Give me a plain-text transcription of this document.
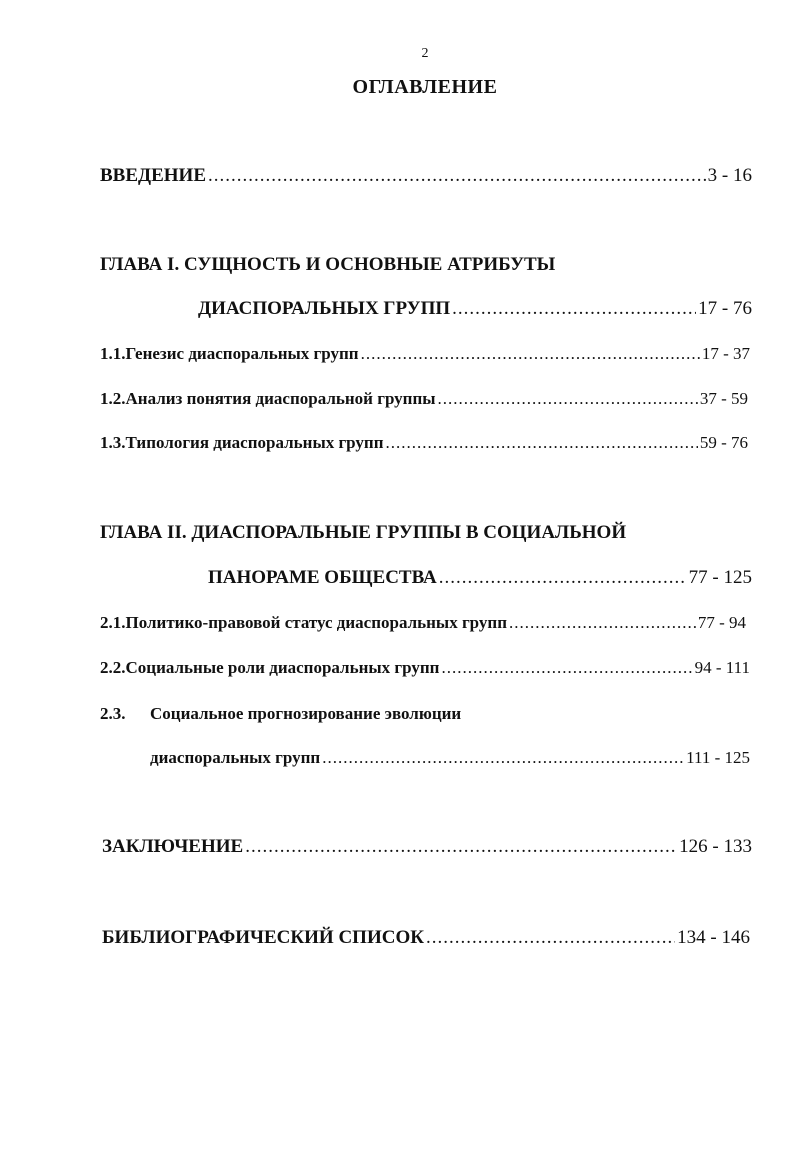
2
ОГЛАВЛЕНИЕ
ВВЕДЕНИЕ .....	3 - 16
ГЛАВА I. СУЩНОСТЬ И ОСНОВНЫЕ АТРИБУТЫ
ДИАСПОРАЛЬНЫХ ГРУПП .....	17 - 76
1.1. Генезис диаспоральных групп .....	17 - 37
1.2. Анализ понятия диаспоральной группы .....	37 - 59
1.3. Типология диаспоральных групп .....	59 - 76
ГЛАВА II. ДИАСПОРАЛЬНЫЕ ГРУППЫ В СОЦИАЛЬНОЙ
ПАНОРАМЕ ОБЩЕСТВА .....	77 - 125
2.1. Политико-правовой статус диаспоральных групп .....	77 - 94
2.2. Социальные роли диаспоральных групп .....	94 - 111
2.3. Социальное прогнозирование эволюции
диаспоральных групп .....	111 - 125
ЗАКЛЮЧЕНИЕ .....	126 - 133
БИБЛИОГРАФИЧЕСКИЙ СПИСОК .....	134 - 146
